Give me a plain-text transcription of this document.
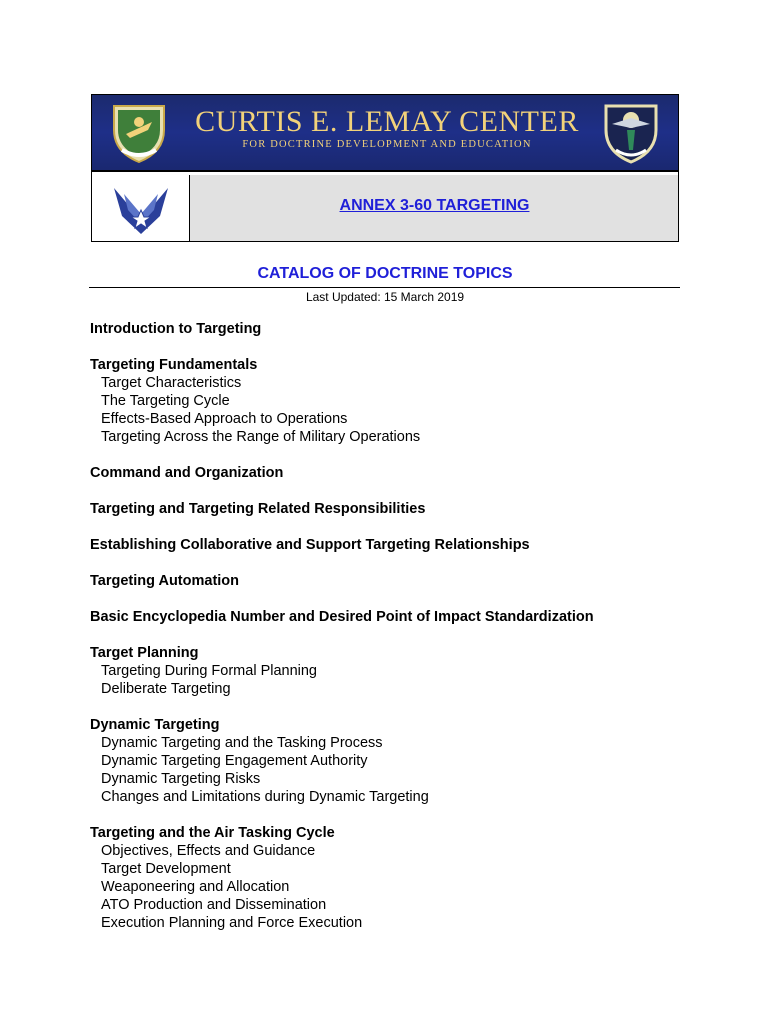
CURTIS E. LEMAY CENTER
FOR DOCTRINE DEVELOPMENT AND EDUCATION
ANNEX 3-60 TARGETING
CATALOG OF DOCTRINE TOPICS
Last Updated: 15 March 2019
Introduction to Targeting
Targeting Fundamentals
Target Characteristics
The Targeting Cycle
Effects-Based Approach to Operations
Targeting Across the Range of Military Operations
Command and Organization
Targeting and Targeting Related Responsibilities
Establishing Collaborative and Support Targeting Relationships
Targeting Automation
Basic Encyclopedia Number and Desired Point of Impact Standardization
Target Planning
Targeting During Formal Planning
Deliberate Targeting
Dynamic Targeting
Dynamic Targeting and the Tasking Process
Dynamic Targeting Engagement Authority
Dynamic Targeting Risks
Changes and Limitations during Dynamic Targeting
Targeting and the Air Tasking Cycle
Objectives, Effects and Guidance
Target Development
Weaponeering and Allocation
ATO Production and Dissemination
Execution Planning and Force Execution
